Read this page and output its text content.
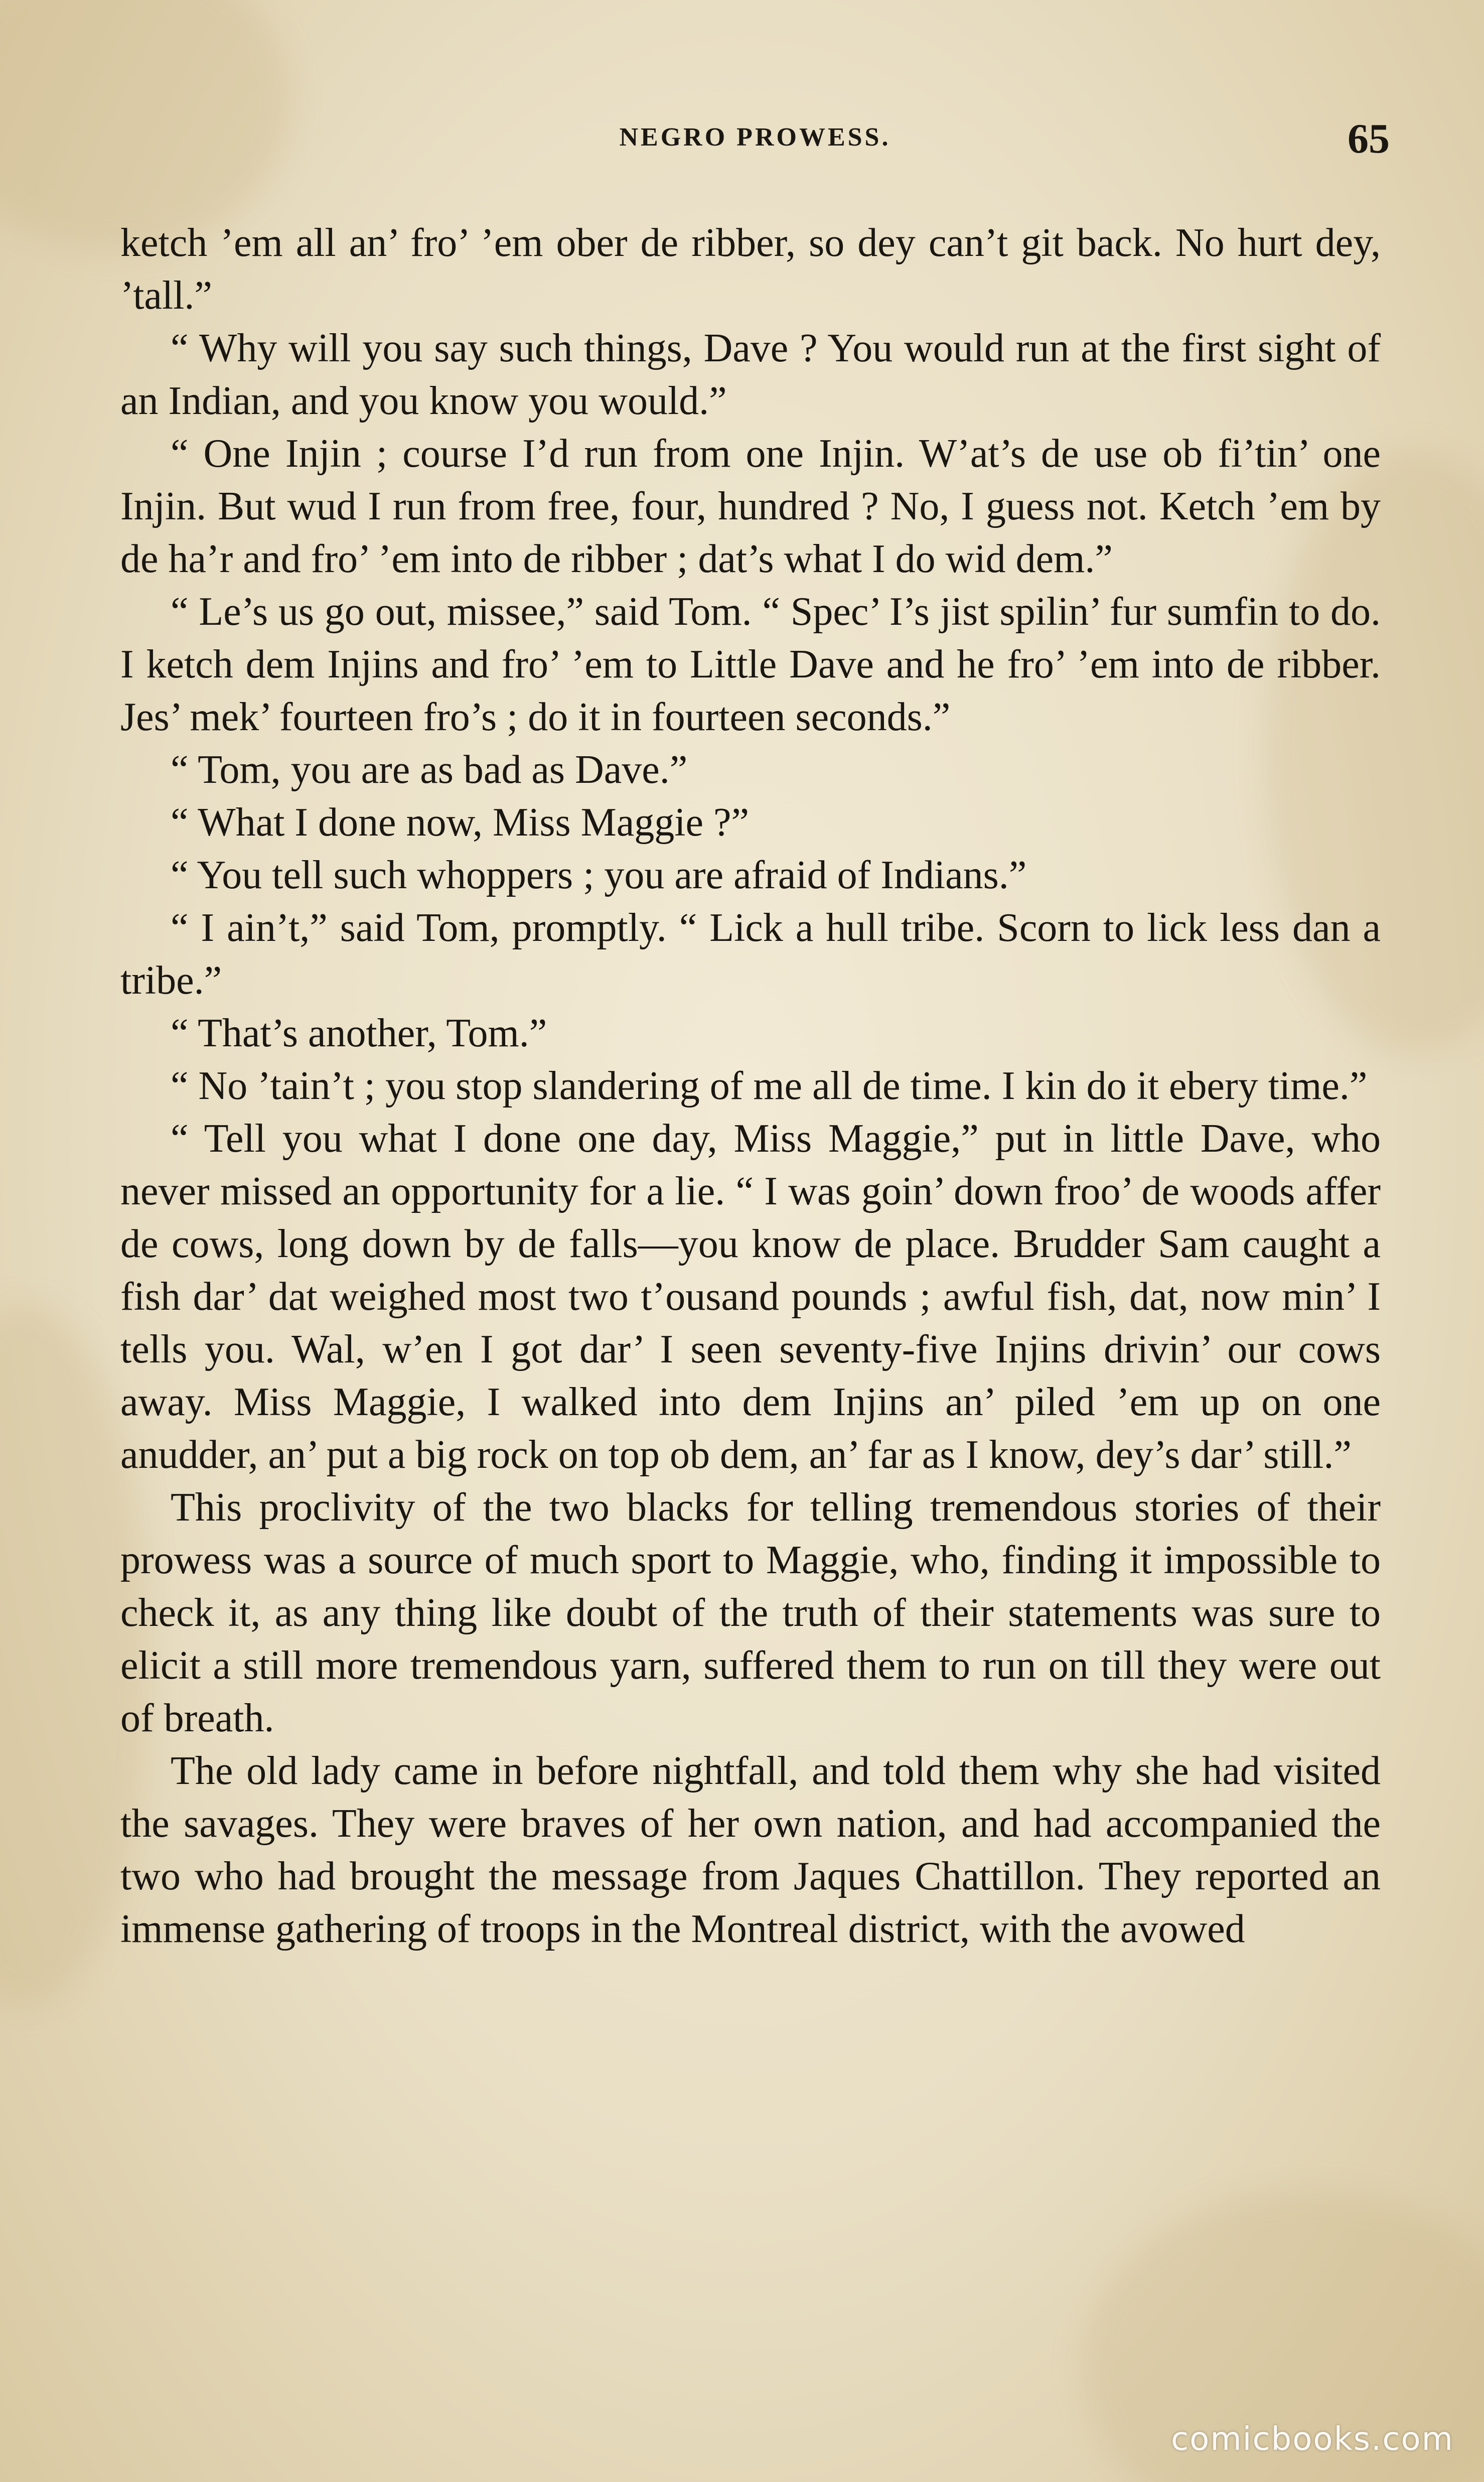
NEGRO PROWESS.	65

ketch ’em all an’ fro’ ’em ober de ribber, so dey can’t git back. No hurt dey, ’tall.”

“ Why will you say such things, Dave ? You would run at the first sight of an Indian, and you know you would.”

“ One Injin ; course I’d run from one Injin. W’at’s de use ob fi’tin’ one Injin. But wud I run from free, four, hundred ? No, I guess not. Ketch ’em by de ha’r and fro’ ’em into de ribber ; dat’s what I do wid dem.”

“ Le’s us go out, missee,” said Tom. “ Spec’ I’s jist spilin’ fur sumfin to do. I ketch dem Injins and fro’ ’em to Little Dave and he fro’ ’em into de ribber. Jes’ mek’ fourteen fro’s ; do it in fourteen seconds.”

“ Tom, you are as bad as Dave.”

“ What I done now, Miss Maggie ?”

“ You tell such whoppers ; you are afraid of Indians.”

“ I ain’t,” said Tom, promptly. “ Lick a hull tribe. Scorn to lick less dan a tribe.”

“ That’s another, Tom.”

“ No ’tain’t ; you stop slandering of me all de time. I kin do it ebery time.”

“ Tell you what I done one day, Miss Maggie,” put in little Dave, who never missed an opportunity for a lie. “ I was goin’ down froo’ de woods affer de cows, long down by de falls—you know de place. Brudder Sam caught a fish dar’ dat weighed most two t’ousand pounds ; awful fish, dat, now min’ I tells you. Wal, w’en I got dar’ I seen seventy-five Injins drivin’ our cows away. Miss Maggie, I walked into dem Injins an’ piled ’em up on one anudder, an’ put a big rock on top ob dem, an’ far as I know, dey’s dar’ still.”

This proclivity of the two blacks for telling tremendous stories of their prowess was a source of much sport to Maggie, who, finding it impossible to check it, as any thing like doubt of the truth of their statements was sure to elicit a still more tremendous yarn, suffered them to run on till they were out of breath.

The old lady came in before nightfall, and told them why she had visited the savages. They were braves of her own nation, and had accompanied the two who had brought the message from Jaques Chattillon. They reported an immense gathering of troops in the Montreal district, with the avowed

comicbooks.com
